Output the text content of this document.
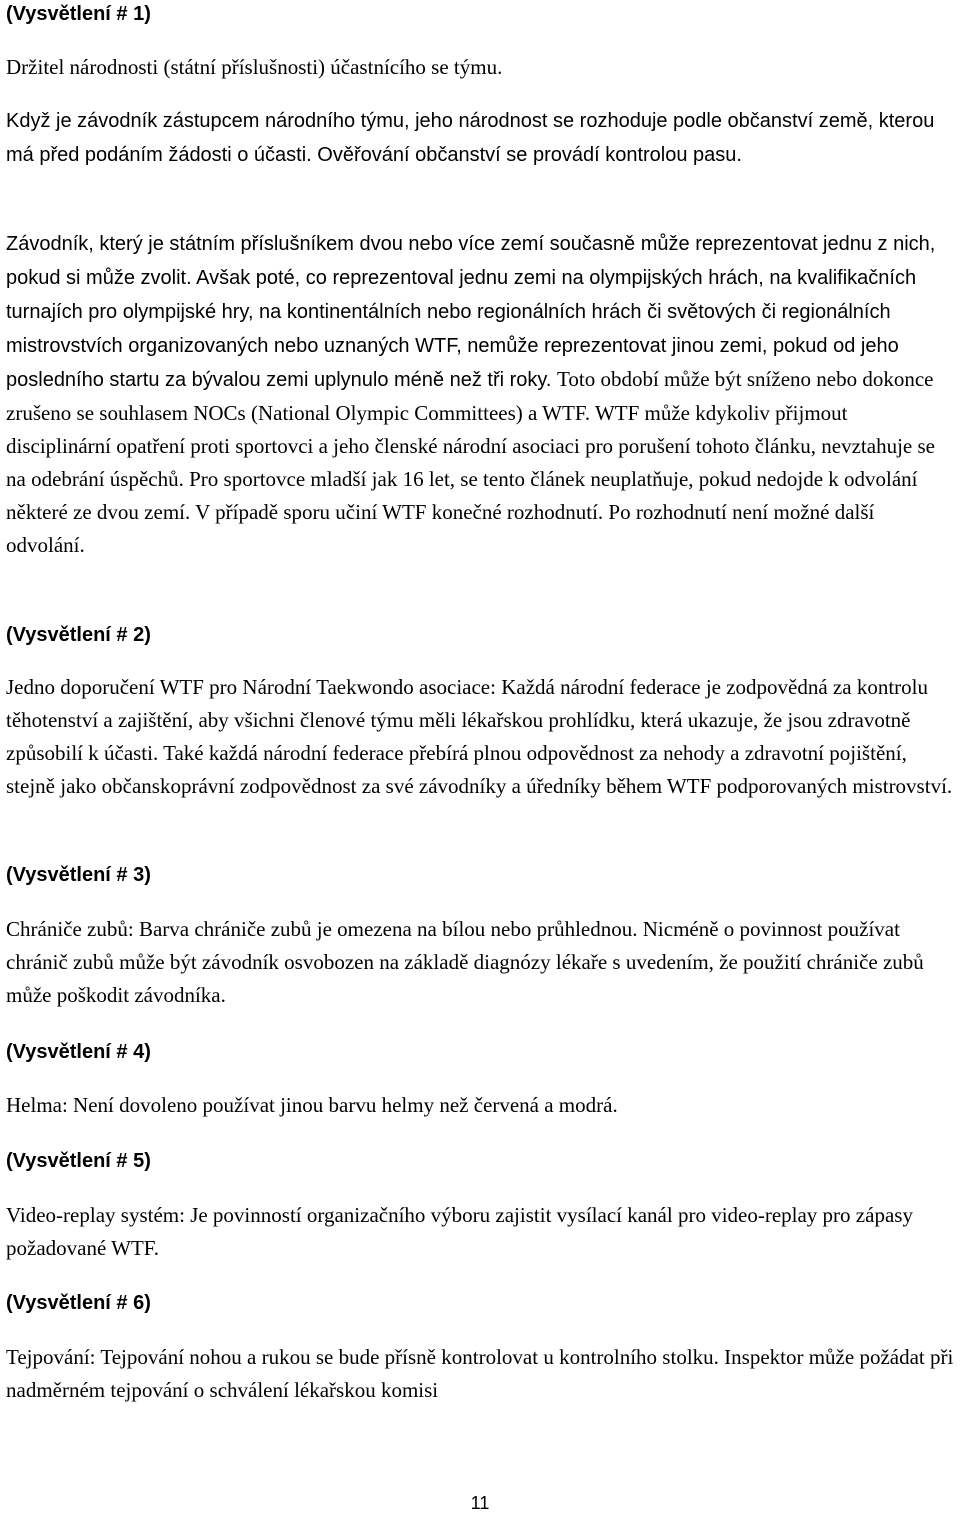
(Vysvětlení # 1)

Držitel národnosti (státní příslušnosti) účastnícího se týmu.

Když je závodník zástupcem národního týmu, jeho národnost se rozhoduje podle občanství země, kterou má před podáním žádosti o účasti. Ověřování občanství se provádí kontrolou pasu.

Závodník, který je státním příslušníkem dvou nebo více zemí současně může reprezentovat jednu z nich, pokud si může zvolit. Avšak poté, co reprezentoval jednu zemi na olympijských hrách, na kvalifikačních turnajích pro olympijské hry, na kontinentálních nebo regionálních hrách či světových či regionálních mistrovstvích organizovaných nebo uznaných WTF, nemůže reprezentovat jinou zemi, pokud od jeho posledního startu za bývalou zemi uplynulo méně než tři roky. Toto období může být sníženo nebo dokonce zrušeno se souhlasem NOCs (National Olympic Committees) a WTF. WTF může kdykoliv přijmout disciplinární opatření proti sportovci a jeho členské národní asociaci pro porušení tohoto článku, nevztahuje se na odebrání úspěchů. Pro sportovce mladší jak 16 let, se tento článek neuplatňuje, pokud nedojde k odvolání některé ze dvou zemí. V případě sporu učiní WTF konečné rozhodnutí. Po rozhodnutí není možné další odvolání.

(Vysvětlení # 2)

Jedno doporučení WTF pro Národní Taekwondo asociace: Každá národní federace je zodpovědná za kontrolu těhotenství a zajištění, aby všichni členové týmu měli lékařskou prohlídku, která ukazuje, že jsou zdravotně způsobilí k účasti. Také každá národní federace přebírá plnou odpovědnost za nehody a zdravotní pojištění, stejně jako občanskoprávní zodpovědnost za své závodníky a úředníky během WTF podporovaných mistrovství.

(Vysvětlení # 3)

Chrániče zubů: Barva chrániče zubů je omezena na bílou nebo průhlednou. Nicméně o povinnost používat chránič zubů může být závodník osvobozen na základě diagnózy lékaře s uvedením, že použití chrániče zubů může poškodit závodníka.

(Vysvětlení # 4)

Helma: Není dovoleno používat jinou barvu helmy než červená a modrá.

(Vysvětlení # 5)

Video-replay systém: Je povinností organizačního výboru zajistit vysílací kanál pro video-replay pro zápasy požadované WTF.

(Vysvětlení # 6)

Tejpování: Tejpování nohou a rukou se bude přísně kontrolovat u kontrolního stolku. Inspektor může požádat při nadměrném tejpování o schválení lékařskou komisi

11
